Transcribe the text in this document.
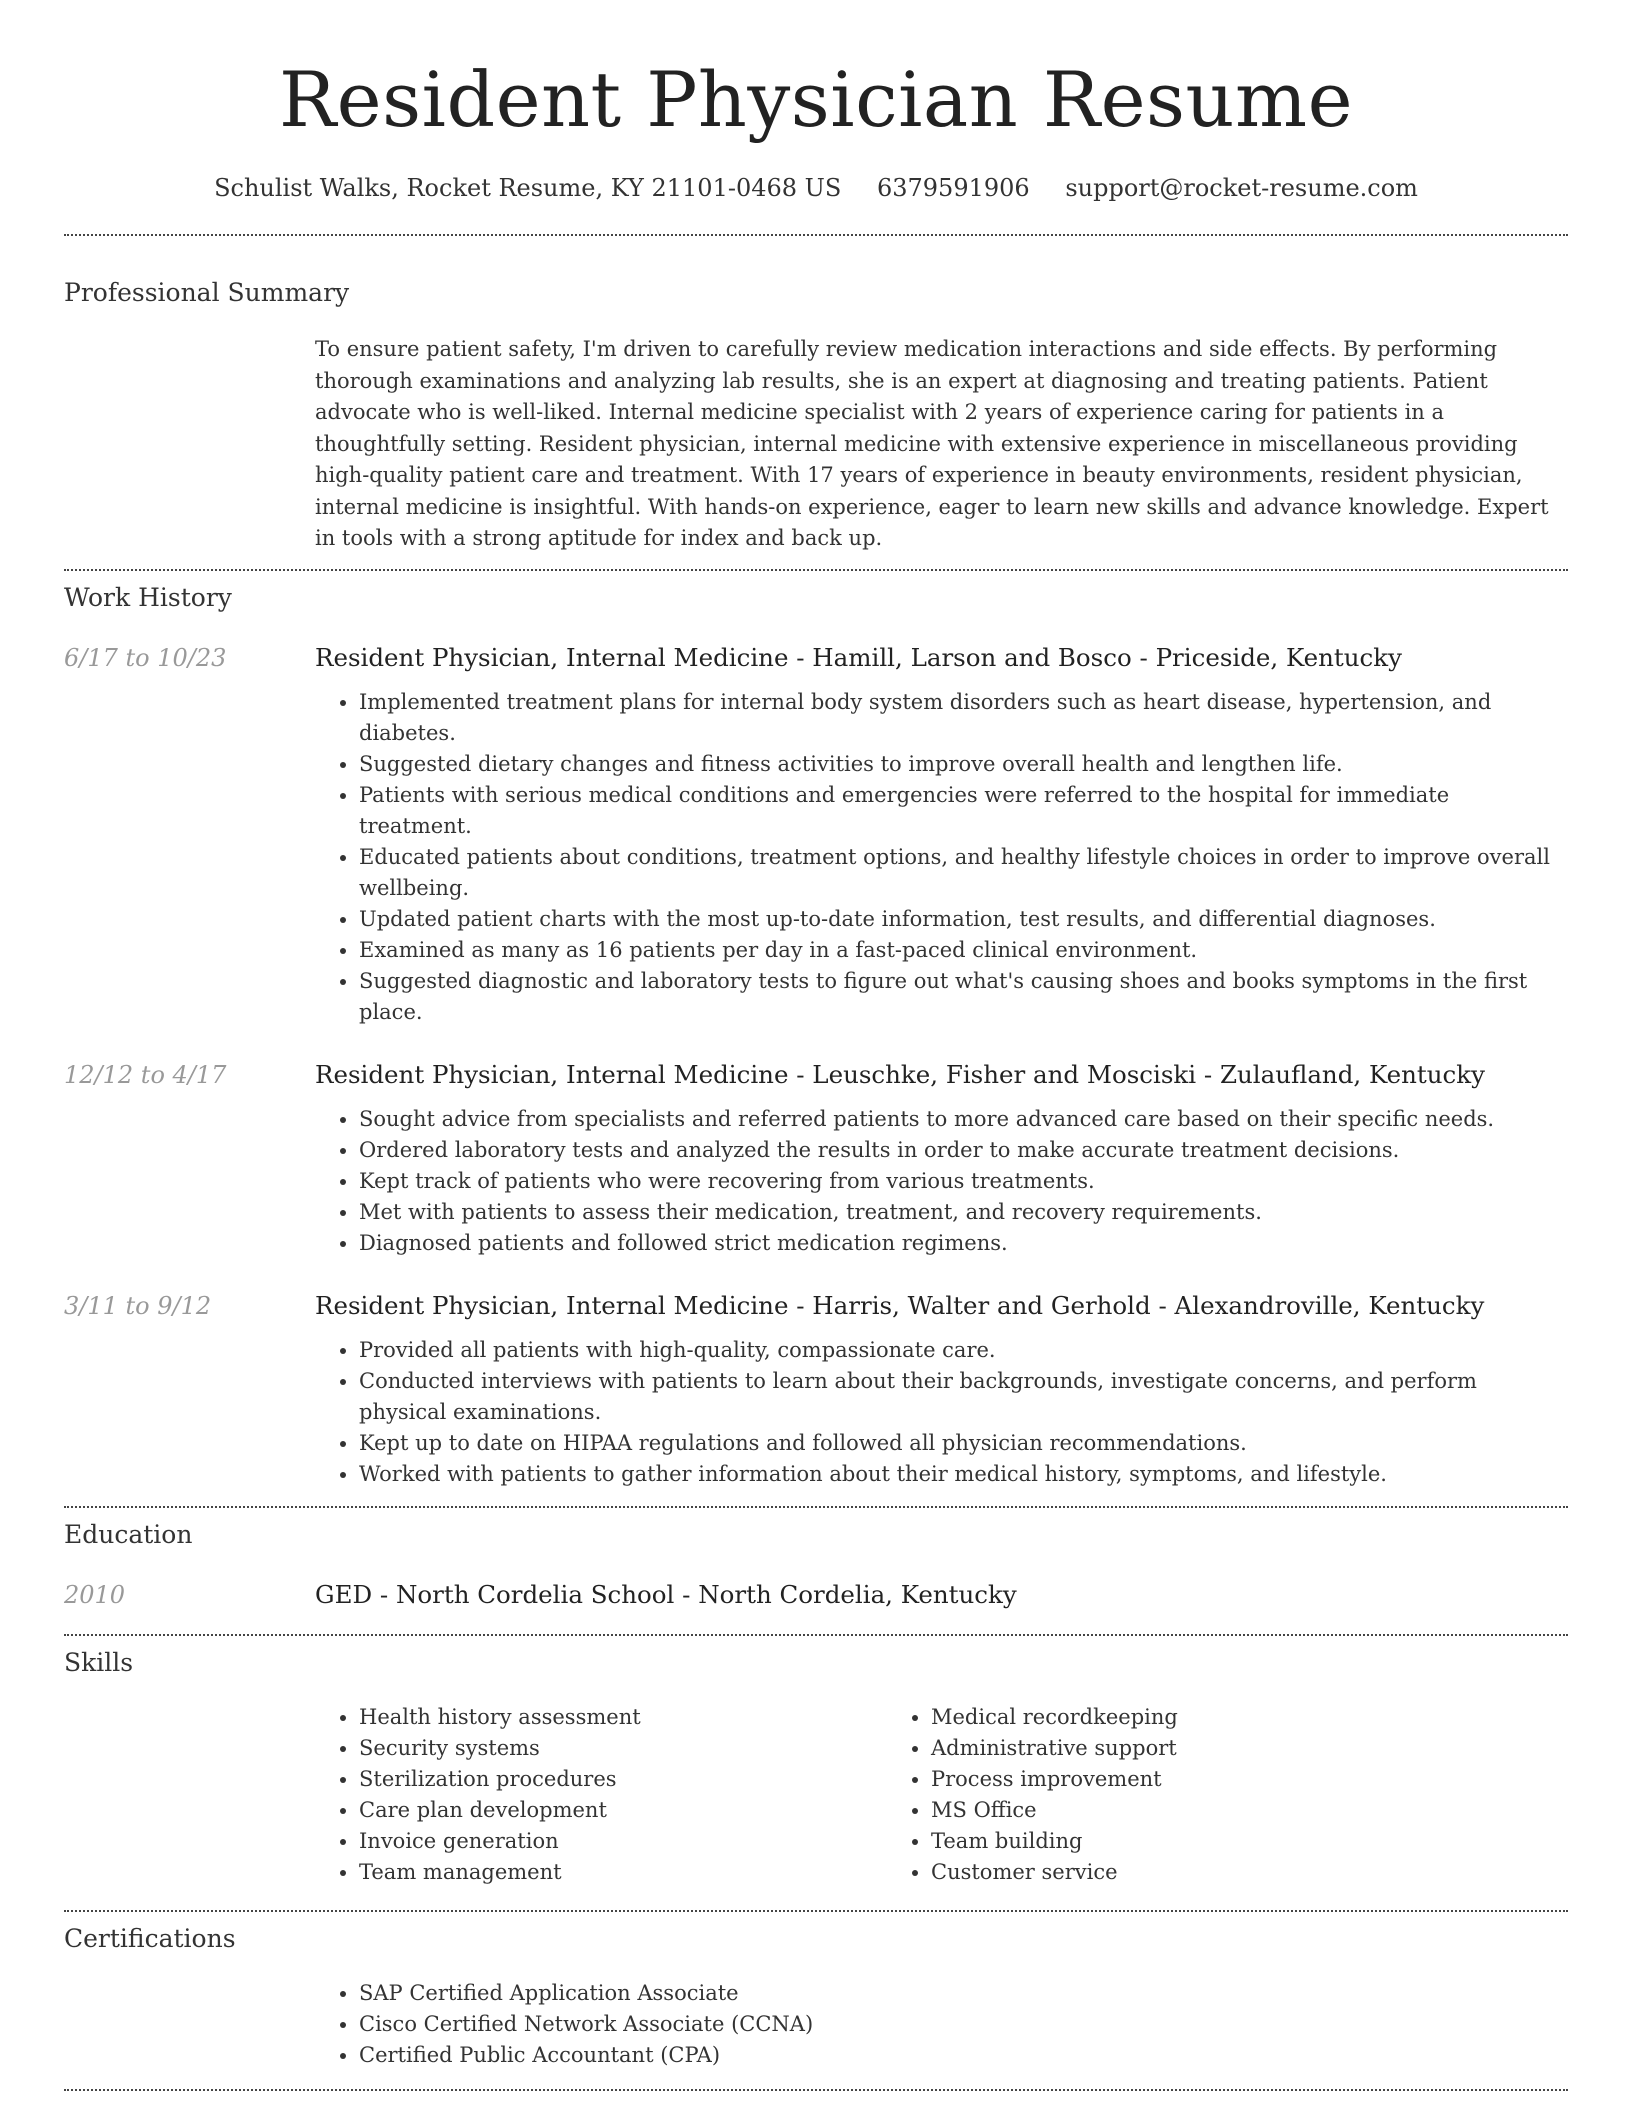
Resident Physician Resume
Schulist Walks, Rocket Resume, KY 21101-0468 US 6379591906 support@rocket-resume.com
Professional Summary

To ensure patient safety, I'm driven to carefully review medication interactions and side effects. By performing thorough examinations and analyzing lab results, she is an expert at diagnosing and treating patients. Patient advocate who is well-liked. Internal medicine specialist with 2 years of experience caring for patients in a thoughtfully setting. Resident physician, internal medicine with extensive experience in miscellaneous providing high-quality patient care and treatment. With 17 years of experience in beauty environments, resident physician, internal medicine is insightful. With hands-on experience, eager to learn new skills and advance knowledge. Expert in tools with a strong aptitude for index and back up.

Work History
6/17 to 10/23	Resident Physician, Internal Medicine - Hamill, Larson and Bosco - Priceside, Kentucky
• Implemented treatment plans for internal body system disorders such as heart disease, hypertension, and diabetes.
• Suggested dietary changes and fitness activities to improve overall health and lengthen life.
• Patients with serious medical conditions and emergencies were referred to the hospital for immediate treatment.
• Educated patients about conditions, treatment options, and healthy lifestyle choices in order to improve overall wellbeing.
• Updated patient charts with the most up-to-date information, test results, and differential diagnoses.
• Examined as many as 16 patients per day in a fast-paced clinical environment.
• Suggested diagnostic and laboratory tests to figure out what's causing shoes and books symptoms in the first place.
12/12 to 4/17	Resident Physician, Internal Medicine - Leuschke, Fisher and Mosciski - Zulaufland, Kentucky
• Sought advice from specialists and referred patients to more advanced care based on their specific needs.
• Ordered laboratory tests and analyzed the results in order to make accurate treatment decisions.
• Kept track of patients who were recovering from various treatments.
• Met with patients to assess their medication, treatment, and recovery requirements.
• Diagnosed patients and followed strict medication regimens.
3/11 to 9/12	Resident Physician, Internal Medicine - Harris, Walter and Gerhold - Alexandroville, Kentucky
• Provided all patients with high-quality, compassionate care.
• Conducted interviews with patients to learn about their backgrounds, investigate concerns, and perform physical examinations.
• Kept up to date on HIPAA regulations and followed all physician recommendations.
• Worked with patients to gather information about their medical history, symptoms, and lifestyle.
Education
2010	GED - North Cordelia School - North Cordelia, Kentucky
Skills
• Health history assessment
• Security systems
• Sterilization procedures
• Care plan development
• Invoice generation
• Team management
• Medical recordkeeping
• Administrative support
• Process improvement
• MS Office
• Team building
• Customer service
Certifications
• SAP Certified Application Associate
• Cisco Certified Network Associate (CCNA)
• Certified Public Accountant (CPA)
